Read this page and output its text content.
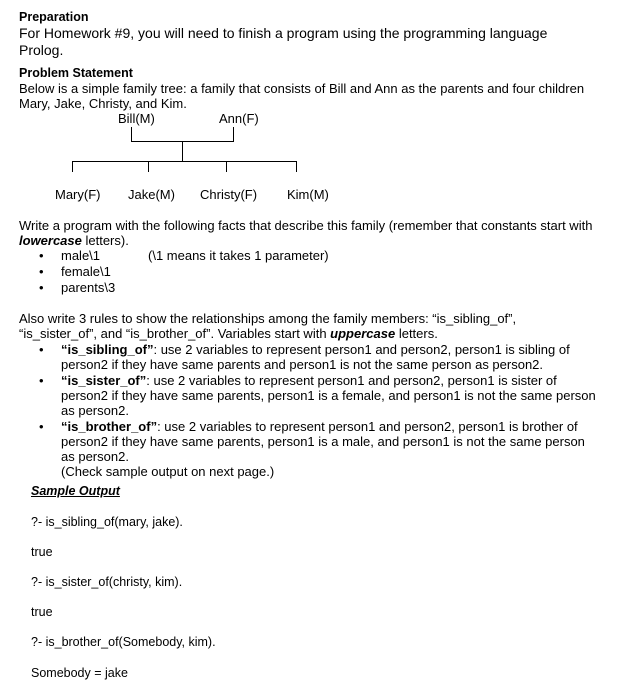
Preparation
For Homework #9, you will need to finish a program using the programming language
Prolog.
Problem Statement
Below is a simple family tree: a family that consists of Bill and Ann as the parents and four children
Mary, Jake, Christy, and Kim.
Bill(M)	Ann(F)
Mary(F) Jake(M) Christy(F) Kim(M)
Write a program with the following facts that describe this family (remember that constants start with
lowercase letters).
• male\1	(\1 means it takes 1 parameter)
• female\1
• parents\3
Also write 3 rules to show the relationships among the family members: “is_sibling_of”,
“is_sister_of”, and “is_brother_of”. Variables start with uppercase letters.
• “is_sibling_of”: use 2 variables to represent person1 and person2, person1 is sibling of
person2 if they have same parents and person1 is not the same person as person2.
• “is_sister_of”: use 2 variables to represent person1 and person2, person1 is sister of
person2 if they have same parents, person1 is a female, and person1 is not the same person
as person2.
• “is_brother_of”: use 2 variables to represent person1 and person2, person1 is brother of
person2 if they have same parents, person1 is a male, and person1 is not the same person
as person2.
(Check sample output on next page.)
Sample Output
?- is_sibling_of(mary, jake).
true
?- is_sister_of(christy, kim).
true
?- is_brother_of(Somebody, kim).
Somebody = jake
